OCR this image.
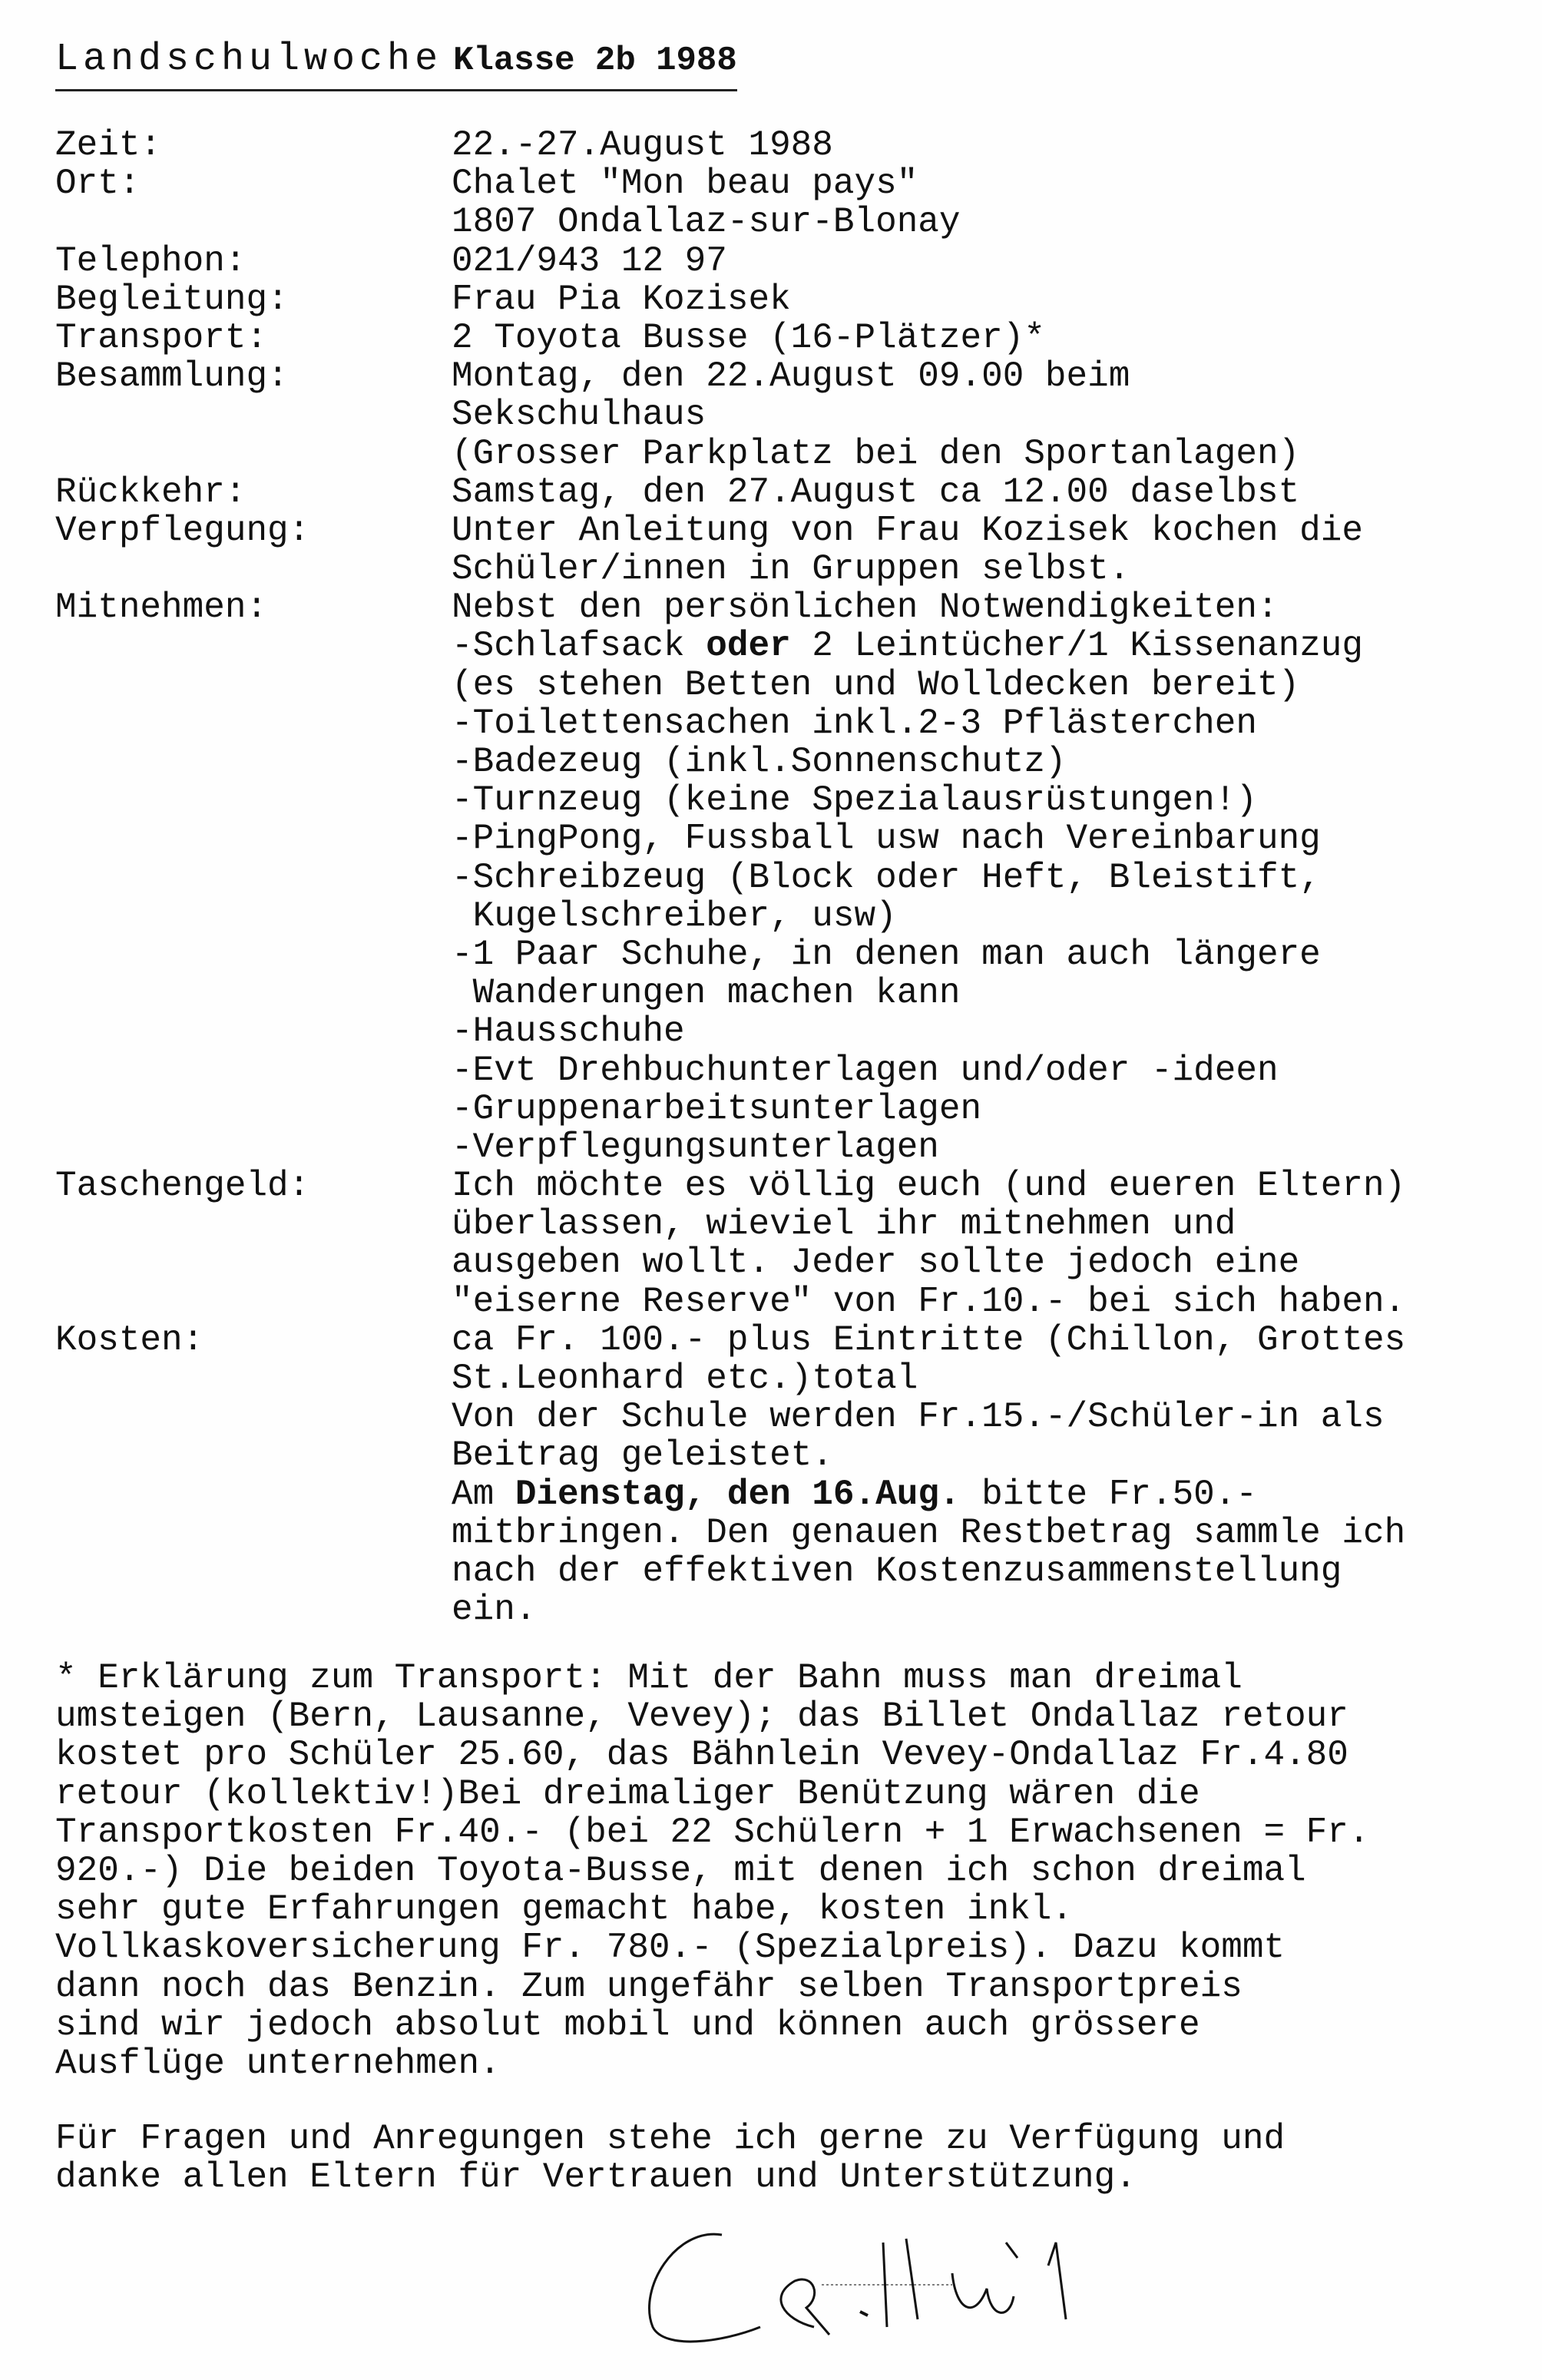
Landschulwoche Klasse 2b 1988
Zeit:	22.-27.August 1988
Ort:	Chalet "Mon beau pays"
1807 Ondallaz-sur-Blonay
Telephon:	021/943 12 97
Begleitung:	Frau Pia Kozisek
Transport:	2 Toyota Busse (16-Plätzer)*
Besammlung:	Montag, den 22.August 09.00 beim
Sekschulhaus
(Grosser Parkplatz bei den Sportanlagen)
Rückkehr:	Samstag, den 27.August ca 12.00 daselbst
Verpflegung:	Unter Anleitung von Frau Kozisek kochen die
Schüler/innen in Gruppen selbst.
Mitnehmen:	Nebst den persönlichen Notwendigkeiten:
-Schlafsack oder 2 Leintücher/1 Kissenanzug
(es stehen Betten und Wolldecken bereit)
-Toilettensachen inkl.2-3 Pflästerchen
-Badezeug (inkl.Sonnenschutz)
-Turnzeug (keine Spezialausrüstungen!)
-PingPong, Fussball usw nach Vereinbarung
-Schreibzeug (Block oder Heft, Bleistift,
Kugelschreiber, usw)
-1 Paar Schuhe, in denen man auch längere
Wanderungen machen kann
-Hausschuhe
-Evt Drehbuchunterlagen und/oder -ideen
-Gruppenarbeitsunterlagen
-Verpflegungsunterlagen
Taschengeld:	Ich möchte es völlig euch (und eueren Eltern)
überlassen, wieviel ihr mitnehmen und
ausgeben wollt. Jeder sollte jedoch eine
"eiserne Reserve" von Fr.10.- bei sich haben.
Kosten:	ca Fr. 100.- plus Eintritte (Chillon, Grottes
St.Leonhard etc.)total
Von der Schule werden Fr.15.-/Schüler-in als
Beitrag geleistet.
Am Dienstag, den 16.Aug. bitte Fr.50.-
mitbringen. Den genauen Restbetrag sammle ich
nach der effektiven Kostenzusammenstellung
ein.
* Erklärung zum Transport: Mit der Bahn muss man dreimal
umsteigen (Bern, Lausanne, Vevey); das Billet Ondallaz retour
kostet pro Schüler 25.60, das Bähnlein Vevey-Ondallaz Fr.4.80
retour (kollektiv!)Bei dreimaliger Benützung wären die
Transportkosten Fr.40.- (bei 22 Schülern + 1 Erwachsenen = Fr.
920.-) Die beiden Toyota-Busse, mit denen ich schon dreimal
sehr gute Erfahrungen gemacht habe, kosten inkl.
Vollkaskoversicherung Fr. 780.- (Spezialpreis). Dazu kommt
dann noch das Benzin. Zum ungefähr selben Transportpreis
sind wir jedoch absolut mobil und können auch grössere
Ausflüge unternehmen.
Für Fragen und Anregungen stehe ich gerne zu Verfügung und
danke allen Eltern für Vertrauen und Unterstützung.
